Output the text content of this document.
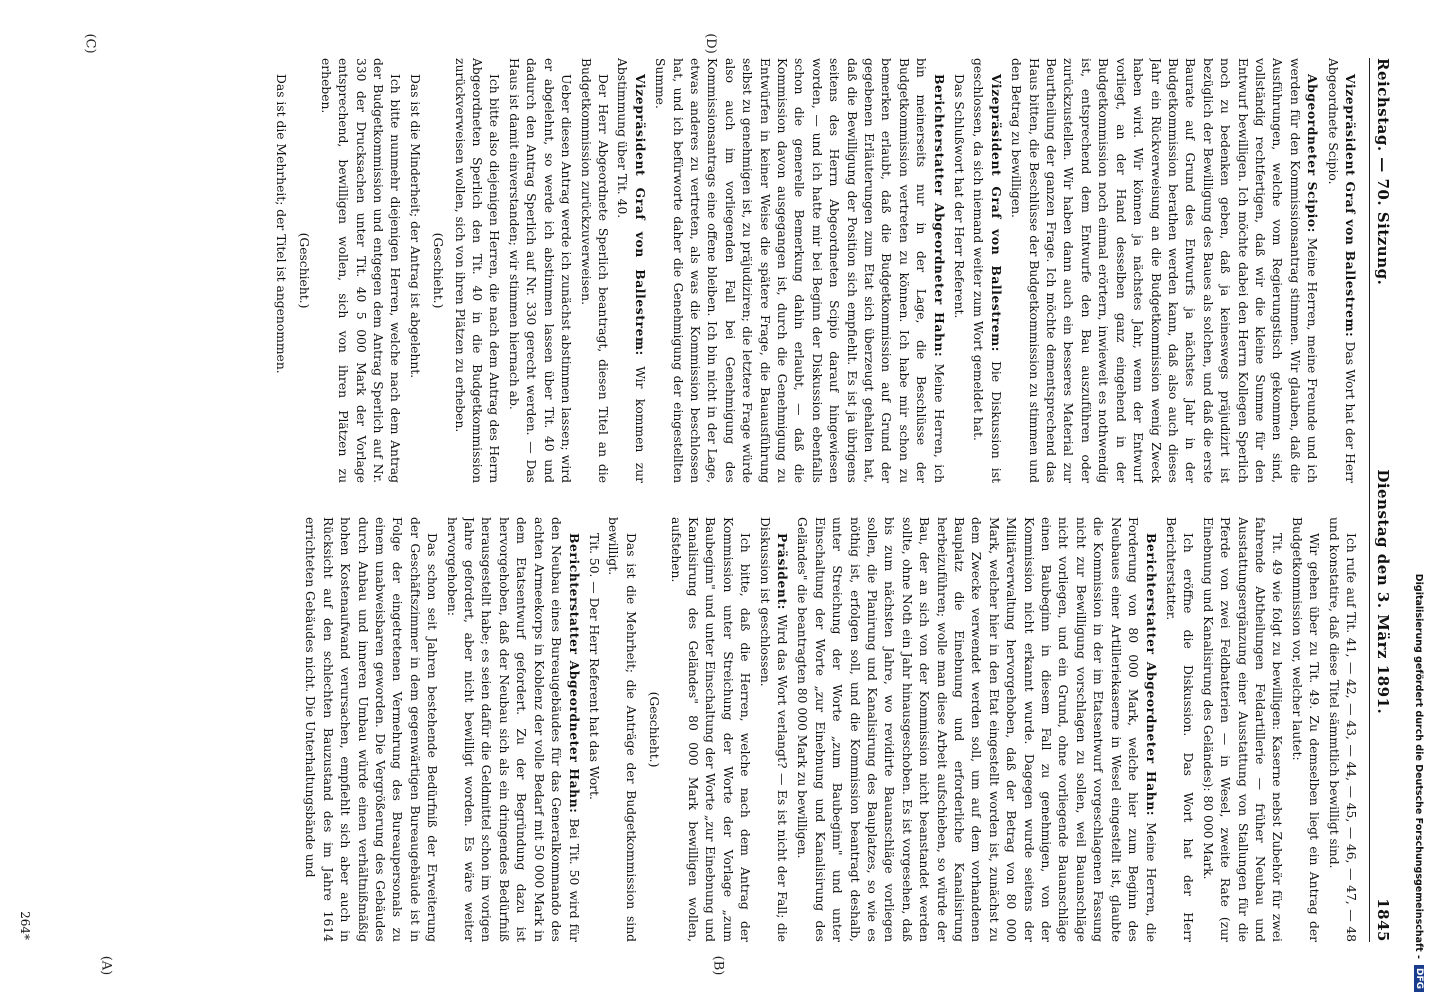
Reichstag. — 70. Sitzung.
Dienstag den 3. März 1891.
1845

Vizepräsident Graf von Ballestrem: Das Wort hat der Herr Abgeordnete Scipio.

Abgeordneter Scipio: Meine Herren, meine Freunde und ich werden für den Kommissionsantrag stimmen. Wir glauben, daß die Ausführungen, welche vom Regierungstisch gekommen sind, vollständig rechtfertigen, daß wir die kleine Summe für den Entwurf bewilligen. Ich möchte dabei den Herrn Kollegen Sperlich noch zu bedenken geben, daß ja keineswegs präjudizirt ist bezüglich der Bewilligung des Baues als solchen, und daß die erste Baurate auf Grund des Entwurfs ja nächstes Jahr in der Budgetkommission berathen werden kann, daß also auch dieses Jahr ein Rückverweisung an die Budgetkommission wenig Zweck haben wird. Wir können ja nächstes Jahr, wenn der Entwurf vorliegt, an der Hand desselben ganz eingehend in der Budgetkommission noch einmal erörtern, inwieweit es nothwendig ist, entsprechend dem Entwurfe den Bau auszuführen oder zurückzustellen. Wir haben dann auch ein besseres Material zur Beurtheilung der ganzen Frage. Ich möchte dementsprechend das Haus bitten, die Beschlüsse der Budgetkommission zu stimmen und den Betrag zu bewilligen.

Vizepräsident Graf von Ballestrem: Die Diskussion ist geschlossen, da sich niemand weiter zum Wort gemeldet hat.

Das Schlußwort hat der Herr Referent.

Berichterstatter Abgeordneter Hahn: Meine Herren, ich bin meinerseits nur in der Lage, die Beschlüsse der Budgetkommission vertreten zu können. Ich habe mir schon zu bemerken erlaubt, daß die Budgetkommission auf Grund der gegebenen Erläuterungen zum Etat sich überzeugt gehalten hat, daß die Bewilligung der Position sich empfiehlt. Es ist ja übrigens seitens des Herrn Abgeordneten Scipio darauf hingewiesen worden, — und ich hatte mir bei Beginn der Diskussion ebenfalls schon die generelle Bemerkung dahin erlaubt, — daß die Kommission davon ausgegangen ist, durch die Genehmigung zu Entwürfen in keiner Weise die spätere Frage, die Bauausführung selbst zu genehmigen ist, zu präjudiziren; die letztere Frage würde also auch im vorliegenden Fall bei Genehmigung des Kommissionsantrags eine offene bleiben. Ich bin nicht in der Lage, etwas anderes zu vertreten, als was die Kommission beschlossen hat, und ich befürworte daher die Genehmigung der eingestellten Summe.

Vizepräsident Graf von Ballestrem: Wir kommen zur Abstimmung über Tit. 40.

Der Herr Abgeordnete Sperlich beantragt, diesen Titel an die Budgetkommission zurückzuverweisen.

Ueber diesen Antrag werde ich zunächst abstimmen lassen; wird er abgelehnt, so werde ich abstimmen lassen über Tit. 40 und dadurch den Antrag Sperlich auf Nr. 330 gerecht werden. — Das Haus ist damit einverstanden; wir stimmen hiernach ab.

Ich bitte also diejenigen Herren, die nach dem Antrag des Herrn Abgeordneten Sperlich den Tit. 40 in die Budgetkommission zurückverweisen wollen, sich von ihren Plätzen zu erheben.

(Geschieht.)

Das ist die Minderheit; der Antrag ist abgelehnt.

Ich bitte nunmehr diejenigen Herren, welche nach dem Antrag der Budgetkommission und entgegen dem Antrag Sperlich auf Nr. 330 der Drucksachen unter Tit. 40 5 000 Mark der Vorlage entsprechend, bewilligen wollen, sich von ihren Plätzen zu erheben.

(Geschieht.)

Das ist die Mehrheit; der Titel ist angenommen.

Ich rufe auf Tit. 41, — 42, — 43, — 44, — 45, — 46, — 47, — 48 und konstatire, daß diese Titel sämmtlich bewilligt sind.

Wir gehen über zu Tit. 49. Zu demselben liegt ein Antrag der Budgetkommission vor, welcher lautet:

Tit. 49 wie folgt zu bewilligen: Kaserne nebst Zubehör für zwei fahrende Abtheilungen Feldartillerie — früher Neubau und Ausstattungsergänzung einer Ausstattung von Stallungen für die Pferde von zwei Feldbatterien — in Wesel, zweite Rate (zur Einebnung und Kanalisirung des Geländes): 80 000 Mark.

Ich eröffne die Diskussion. Das Wort hat der Herr Berichterstatter.

Berichterstatter Abgeordneter Hahn: Meine Herren, die Forderung von 80 000 Mark, welche hier zum Beginn des Neubaues einer Artilleriekaserne in Wesel eingestellt ist, glaubte die Kommission in der im Etatsentwurf vorgeschlagenen Fassung nicht zur Bewilligung vorschlagen zu sollen, weil Bauanschläge nicht vorliegen, und ein Grund, ohne vorliegende Bauanschläge einen Baubeginn in diesem Fall zu genehmigen, von der Kommission nicht erkannt wurde. Dagegen wurde seitens der Militärverwaltung hervorgehoben, daß der Betrag von 80 000 Mark, welcher hier in den Etat eingestellt worden ist, zunächst zu dem Zwecke verwendet werden soll, um auf dem vorhandenen Bauplatz die Einebnung und erforderliche Kanalisirung herbeizuführen; wolle man diese Arbeit aufschieben, so würde der Bau, der an sich von der Kommission nicht beanstandet werden sollte, ohne Noth ein Jahr hinausgeschoben. Es ist vorgesehen, daß bis zum nächsten Jahre, wo revidirte Bauanschläge vorliegen sollen, die Planirung und Kanalisirung des Bauplatzes, so wie es nöthig ist, erfolgen soll, und die Kommission beantragt deshalb, unter Streichung der Worte „zum Baubeginn" und unter Einschaltung der Worte „zur Einebnung und Kanalisirung des Geländes" die beantragten 80 000 Mark zu bewilligen.

Präsident: Wird das Wort verlangt? — Es ist nicht der Fall; die Diskussion ist geschlossen.

Ich bitte, daß die Herren, welche nach dem Antrag der Kommission unter Streichung der Worte der Vorlage „zum Baubeginn" und unter Einschaltung der Worte „zur Einebnung und Kanalisirung des Geländes" 80 000 Mark bewilligen wollen, aufstehen.

(Geschieht.)

Das ist die Mehrheit; die Anträge der Budgetkommission sind bewilligt.

Tit. 50. — Der Herr Referent hat das Wort.

Berichterstatter Abgeordneter Hahn: Bei Tit. 50 wird für den Neubau eines Bureaugebäudes für das Generalkommando des achten Armeekorps in Koblenz der volle Bedarf mit 50 000 Mark in dem Etatsentwurf gefordert. Zu der Begründung dazu ist hervorgehoben, daß der Neubau sich als ein dringendes Bedürfniß herausgestellt habe; es seien dafür die Geldmittel schon im vorigen Jahre gefordert, aber nicht bewilligt worden. Es wäre weiter hervorgehoben:

Das schon seit Jahren bestehende Bedürfniß der Erweiterung der Geschäftszimmer in dem gegenwärtigen Bureaugebäude ist in Folge der eingetretenen Vermehrung des Bureaupersonals zu einem unabweisbaren geworden. Die Vergrößerung des Gebäudes durch Anbau und inneren Umbau würde einen verhältnißmäßig hohen Kostenaufwand verursachen, empfiehlt sich aber auch in Rücksicht auf den schlechten Bauzustand des im Jahre 1614 errichteten Gebäudes nicht. Die Unterhaltungsbände und

264*
(A)	(B)
(C)	(D)
Digitalisierung gefördert durch die Deutsche Forschungsgemeinschaft -
DFG
